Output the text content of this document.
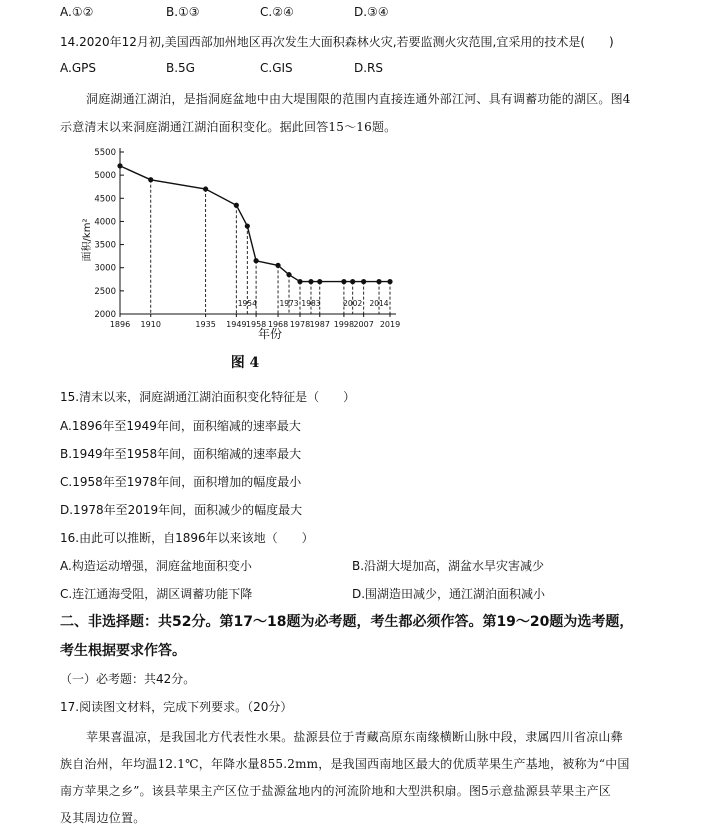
A.①②	B.①③	C.②④	D.③④
14.2020年12月初,美国西部加州地区再次发生大面积森林火灾,若要监测火灾范围,宜采用的技术是(　　)
A.GPS	B.5G	C.GIS	D.RS
洞庭湖通江湖泊，是指洞庭盆地中由大堤围限的范围内直接连通外部江河、具有调蓄功能的湖区。图4
示意清末以来洞庭湖通江湖泊面积变化。据此回答15～16题。
2000
2500
3000
3500
4000
4500
5000
5500
1896 1910	1935 1949 1958 1968 1978 1987 1998 2007 2019
1954	1973 1983	2002 2014
面积/km²
年份
图 4
15.清末以来，洞庭湖通江湖泊面积变化特征是（　　）
A.1896年至1949年间，面积缩减的速率最大
B.1949年至1958年间，面积缩减的速率最大
C.1958年至1978年间，面积增加的幅度最小
D.1978年至2019年间，面积减少的幅度最大
16.由此可以推断，自1896年以来该地（　　）
A.构造运动增强，洞庭盆地面积变小	B.沿湖大堤加高，湖盆水旱灾害减少
C.连江通海受阻，湖区调蓄功能下降	D.围湖造田减少，通江湖泊面积减小
二、非选择题：共52分。第17～18题为必考题，考生都必须作答。第19～20题为选考题，
考生根据要求作答。
（一）必考题：共42分。
17.阅读图文材料，完成下列要求。（20分）
苹果喜温凉，是我国北方代表性水果。盐源县位于青藏高原东南缘横断山脉中段，隶属四川省凉山彝
族自治州，年均温12.1℃，年降水量855.2mm，是我国西南地区最大的优质苹果生产基地，被称为“中国
南方苹果之乡”。该县苹果主产区位于盐源盆地内的河流阶地和大型洪积扇。图5示意盐源县苹果主产区
及其周边位置。
